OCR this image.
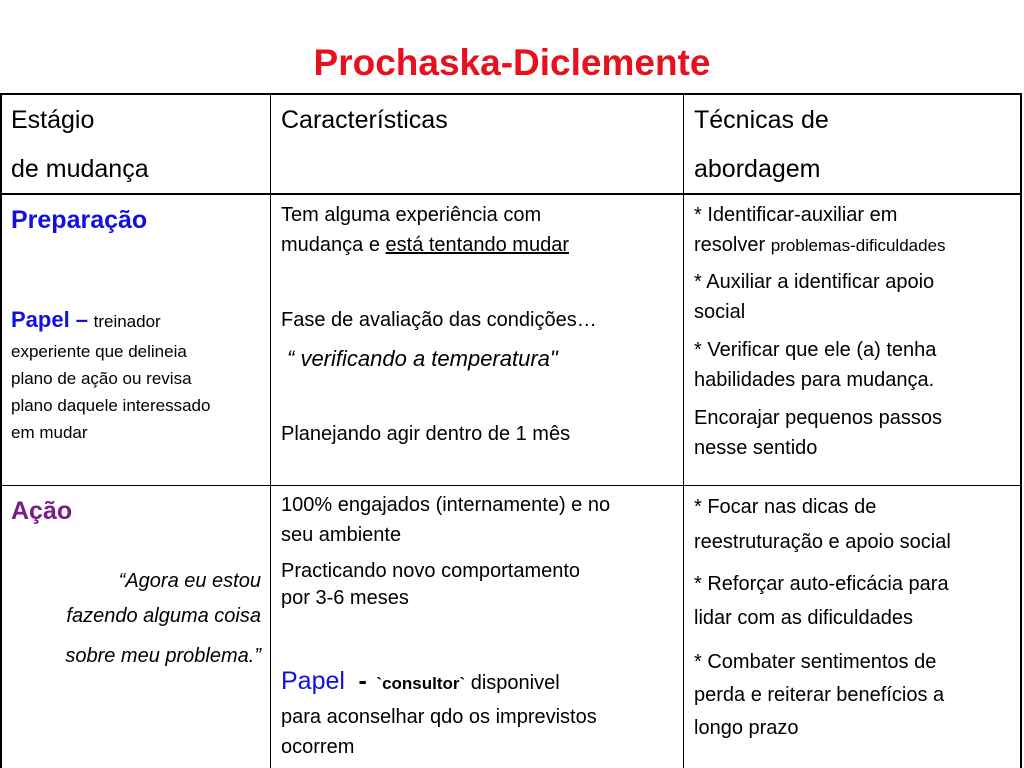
Prochaska-Diclemente
Estágio
de mudança
Características	Técnicas de
abordagem
Preparação
Papel – treinador
experiente que delineia
plano de ação ou revisa
plano daquele interessado
em mudar
Tem alguma experiência com
mudança e está tentando mudar
Fase de avaliação das condições…
“ verificando a temperatura"
Planejando agir dentro de 1 mês
* Identificar-auxiliar em
resolver problemas-dificuldades
* Auxiliar a identificar apoio
social
* Verificar que ele (a) tenha
habilidades para mudança.
Encorajar pequenos passos
nesse sentido
Ação
“Agora eu estou
fazendo alguma coisa
sobre meu problema.”
100% engajados (internamente) e no
seu ambiente
Practicando novo comportamento
por 3-6 meses
Papel - `consultor` disponivel
para aconselhar qdo os imprevistos
ocorrem
* Focar nas dicas de
reestruturação e apoio social
* Reforçar auto-eficácia para
lidar com as dificuldades
* Combater sentimentos de
perda e reiterar benefícios a
longo prazo
